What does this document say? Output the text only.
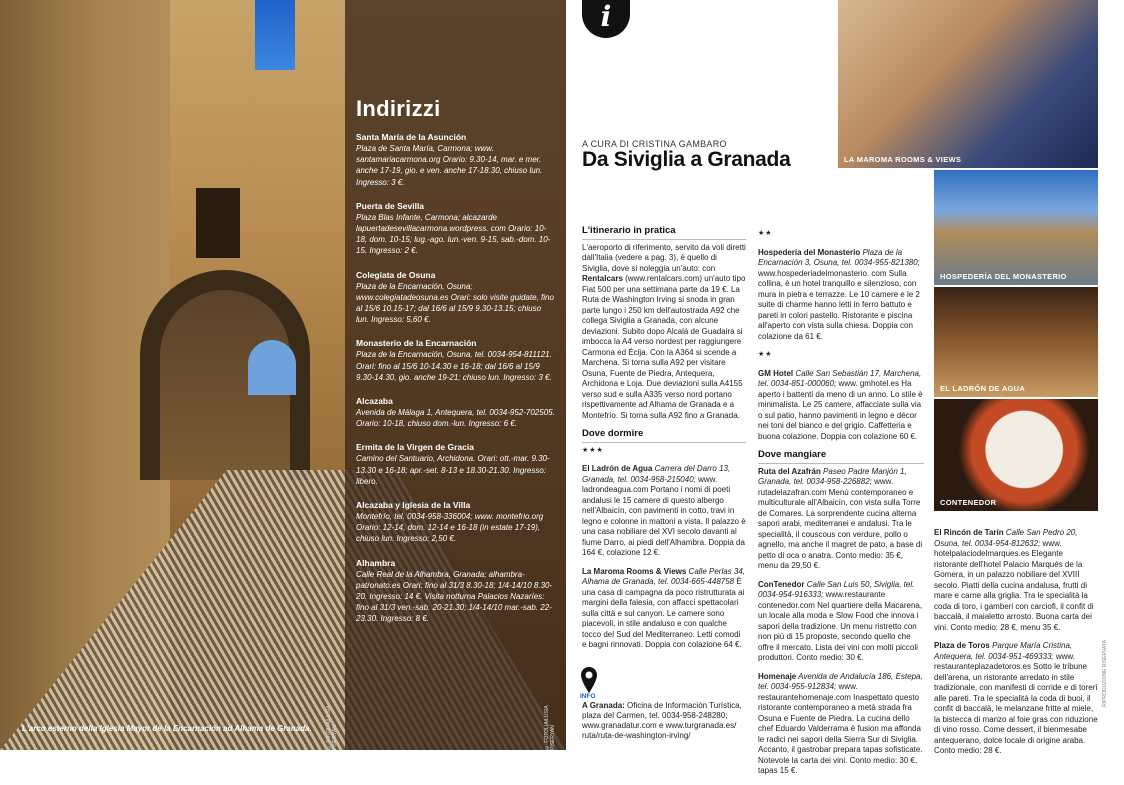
Indirizzi
Santa María de la Asunción
Plaza de Santa María, Carmona; www. santamariacarmona.org Orario: 9.30-14, mar. e mer. anche 17-19, gio. e ven. anche 17-18.30, chiuso lun. Ingresso: 3 €.
Puerta de Sevilla
Plaza Blas Infante, Carmona; alcazarde lapuertadesevillacarmona.wordpress. com Orario: 10-18, dom. 10-15; lug.-ago. lun.-ven. 9-15, sab.-dom. 10-15. Ingresso: 2 €.
Colegiata de Osuna
Plaza de la Encarnación, Osuna; www.colegiatadeosuna.es Orari: solo visite guidate, fino al 15/6 10.15-17; dal 16/6 al 15/9 9.30-13.15; chiuso lun. Ingresso: 5,60 €.
Monasterio de la Encarnación
Plaza de la Encarnación, Osuna, tel. 0034-954-811121. Orari: fino al 15/6 10-14.30 e 16-18; dal 16/6 al 15/9 9.30-14.30, gio. anche 19-21; chiuso lun. Ingresso: 3 €.
Alcazaba
Avenida de Málaga 1, Antequera, tel. 0034-952-702505. Orario: 10-18, chiuso dom.-lun. Ingresso: 6 €.
Ermita de la Virgen de Gracia
Camino del Santuario, Archidona. Orari: ott.-mar. 9.30-13.30 e 16-18; apr.-set. 8-13 e 18.30-21.30. Ingresso: libero.
Alcazaba y Iglesia de la Villa
Montefrío, tel. 0034-958-336004; www. montefrio.org Orario: 12-14, dom. 12-14 e 16-18 (in estate 17-19), chiuso lun. Ingresso: 2,50 €.
Alhambra
Calle Real de la Alhambra, Granada; alhambra-patronato.es Orari: fino al 31/3 8.30-18; 1/4-14/10 8.30-20. Ingresso: 14 €. Visita notturna Palacios Nazaríes: fino al 31/3 ven.-sab. 20-21.30; 1/4-14/10 mar.-sab. 22-23.30. Ingresso: 8 €.
L'arco esterno della Iglesia Mayor de la Encarnación ad Alhama de Granada.	© FOTOLIA/LUSIA PISERYAN	© FOTOLIA/LUSIA PISERYAN
i
A CURA DI CRISTINA GAMBARO
Da Siviglia a Granada	LA MAROMA ROOMS & VIEWS
HOSPEDERÍA DEL MONASTERIO
EL LADRÓN DE AGUA
CONTENEDOR
L'itinerario in pratica

L'aeroporto di riferimento, servito da voli diretti dall'Italia (vedere a pag. 3), è quello di Siviglia, dove si noleggia un'auto: con Rentalcars (www.rentalcars.com) un'auto tipo Fiat 500 per una settimana parte da 19 €. La Ruta de Washington Irving si snoda in gran parte lungo i 250 km dell'autostrada A92 che collega Siviglia a Granada, con alcune deviazioni. Subito dopo Alcalá de Guadaira si imbocca la A4 verso nordest per raggiungere Carmona ed Écija. Con la A364 si scende a Marchena. Si torna sulla A92 per visitare Osuna, Fuente de Piedra, Antequera, Archidona e Loja. Due deviazioni sulla A4155 verso sud e sulla A335 verso nord portano rispettivamente ad Alhama de Granada e a Montefrío. Si torna sulla A92 fino a Granada.

Dove dormire

★★★

El Ladrón de Agua Carrera del Darro 13, Granada, tel. 0034-958-215040; www. ladrondeagua.com Portano i nomi di poeti andalusi le 15 camere di questo albergo nell'Albaicín, con pavimenti in cotto, travi in legno e colonne in mattoni a vista. Il palazzo è una casa nobiliare del XVI secolo davanti al fiume Darro, ai piedi dell'Alhambra. Doppia da 164 €, colazione 12 €.

La Maroma Rooms & Views Calle Perlas 34, Alhama de Granada, tel. 0034-665-448758 È una casa di campagna da poco ristrutturata ai margini della falesia, con affacci spettacolari sulla città e sul canyon. Le camere sono piacevoli, in stile andaluso e con qualche tocco del Sud del Mediterraneo. Letti comodi e bagni rinnovati. Doppia con colazione 64 €.

★★

Hospedería del Monasterio Plaza de la Encarnación 3, Osuna, tel. 0034-955-821380; www.hospederiadelmonasterio. com Sulla collina, è un hotel tranquillo e silenzioso, con mura in pietra e terrazze. Le 10 camere e le 2 suite di charme hanno letti in ferro battuto e pareti in colori pastello. Ristorante e piscina all'aperto con vista sulla chiesa. Doppia con colazione da 61 €.

★★

GM Hotel Calle San Sebastián 17, Marchena, tel. 0034-851-000060; www. gmhotel.es Ha aperto i battenti da meno di un anno. Lo stile è minimalista. Le 25 camere, affacciate sulla via o sul patio, hanno pavimenti in legno e décor nei toni del bianco e del grigio. Caffetteria e buona colazione. Doppia con colazione 60 €.

Dove mangiare

Ruta del Azafrán Paseo Padre Manjón 1, Granada, tel. 0034-958-226882; www. rutadelazafran.com Menù contemporaneo e multiculturale all'Albaicín, con vista sulla Torre de Comares. La sorprendente cucina alterna sapori arabi, mediterranei e andalusi. Tra le specialità, il couscous con verdure, pollo o agnello, ma anche il magret de pato, a base di petto di oca o anatra. Conto medio: 35 €, menu da 29,50 €.

ConTenedor Calle San Luis 50, Siviglia, tel. 0034-954-916333; www.restaurante contenedor.com Nel quartiere della Macarena, un locale alla moda e Slow Food che innova i sapori della tradizione. Un menu ristretto con non più di 15 proposte, secondo quello che offre il mercato. Lista dei vini con molti piccoli produttori. Conto medio: 30 €.

Homenaje Avenida de Andalucía 186, Estepa, tel. 0034-955-912834; www. restaurantehomenaje.com Inaspettato questo ristorante contemporaneo a metà strada fra Osuna e Fuente de Piedra. La cucina dello chef Eduardo Valderrama è fusion ma affonda le radici nei sapori della Sierra Sur di Siviglia. Accanto, il gastrobar prepara tapas sofisticate. Notevole la carta dei vini. Conto medio: 30 €, tapas 15 €.

El Rincón de Tarín Calle San Pedro 20, Osuna, tel. 0034-954-812632; www. hotelpalaciodelmarques.es Elegante ristorante dell'hotel Palacio Marqués de la Gomera, in un palazzo nobiliare del XVIII secolo. Piatti della cucina andalusa, frutti di mare e carne alla griglia. Tra le specialità la coda di toro, i gamberi con carciofi, il confit di baccalà, il maialetto arrosto. Buona carta dei vini. Conto medio: 28 €, menu 35 €.

Plaza de Toros Parque María Cristina, Antequera, tel. 0034-951-469333; www. restauranteplazadetoros.es Sotto le tribune dell'arena, un ristorante arredato in stile tradizionale, con manifesti di corride e di torerì alle pareti. Tra le specialità la coda di buoi, il confit di baccalà, le melanzane fritte al miele, la bistecca di manzo al foie gras con riduzione di vino rosso. Come dessert, il bienmesabe antequerano, dolce locale di origine araba. Conto medio: 28 €.

INFO
A Granada: Oficina de Información Turística, plaza del Carmen, tel. 0034-958-248280; www.granadatur.com e www.turgranada.es/ ruta/ruta-de-washington-irving/
RIPRODUZIONE RISERVATA
